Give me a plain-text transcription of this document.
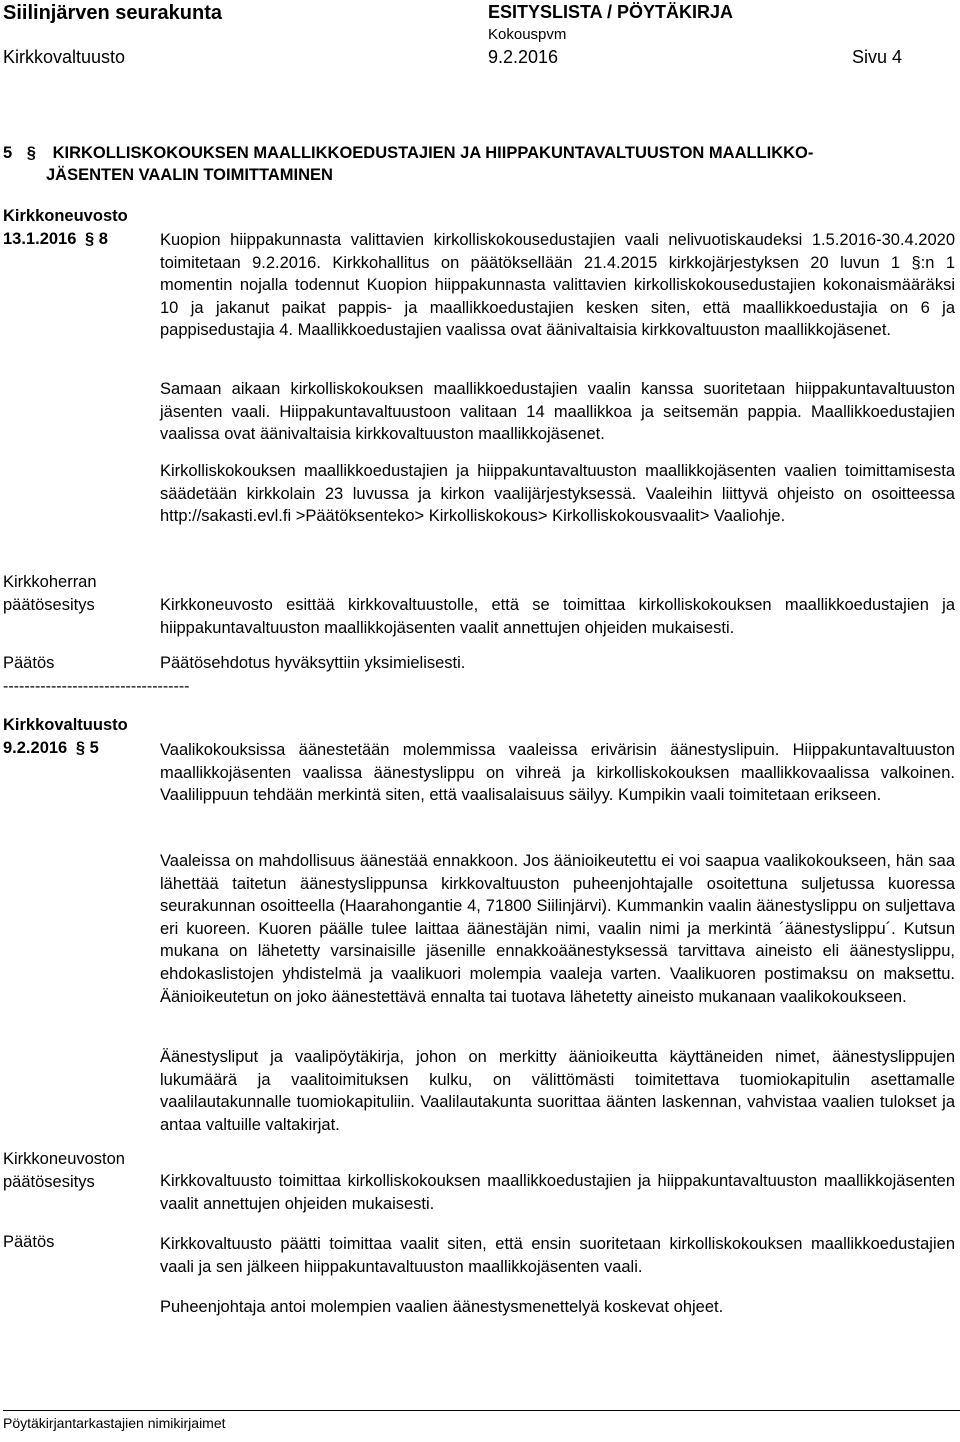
Siilinjärven seurakunta	ESITYSLISTA / PÖYTÄKIRJA
Kokouspvm
Kirkkovaltuusto	9.2.2016	Sivu 4
5 § KIRKOLLISKOKOUKSEN MAALLIKKOEDUSTAJIEN JA HIIPPAKUNTAVALTUUSTON MAALLIKKO-
JÄSENTEN VAALIN TOIMITTAMINEN
Kirkkoneuvosto
13.1.2016 § 8	Kuopion hiippakunnasta valittavien kirkolliskokousedustajien vaali nelivuotiskaudeksi 1.5.2016-30.4.2020 toimitetaan 9.2.2016. Kirkkohallitus on päätöksellään 21.4.2015 kirkkojärjestyksen 20 luvun 1 §:n 1 momentin nojalla todennut Kuopion hiippakunnasta valittavien kirkolliskokousedustajien kokonaismääräksi 10 ja jakanut paikat pappis- ja maallikkoedustajien kesken siten, että maallikkoedustajia on 6 ja pappisedustajia 4. Maallikkoedustajien vaalissa ovat äänivaltaisia kirkkovaltuuston maallikkojäsenet.

Samaan aikaan kirkolliskokouksen maallikkoedustajien vaalin kanssa suoritetaan hiippakuntavaltuuston jäsenten vaali. Hiippakuntavaltuustoon valitaan 14 maallikkoa ja seitsemän pappia. Maallikkoedustajien vaalissa ovat äänivaltaisia kirkkovaltuuston maallikkojäsenet.

Kirkolliskokouksen maallikkoedustajien ja hiippakuntavaltuuston maallikkojäsenten vaalien toimittamisesta säädetään kirkkolain 23 luvussa ja kirkon vaalijärjestyksessä. Vaaleihin liittyvä ohjeisto on osoitteessa http://sakasti.evl.fi >Päätöksenteko> Kirkolliskokous> Kirkolliskokousvaalit> Vaaliohje.

Kirkkoherran
päätösesitys	Kirkkoneuvosto esittää kirkkovaltuustolle, että se toimittaa kirkolliskokouksen maallikkoedustajien ja hiippakuntavaltuuston maallikkojäsenten vaalit annettujen ohjeiden mukaisesti.

Päätös	Päätösehdotus hyväksyttiin yksimielisesti.
-----------------------------------
Kirkkovaltuusto
9.2.2016 § 5	Vaalikokouksissa äänestetään molemmissa vaaleissa erivärisin äänestyslipuin. Hiippakuntavaltuuston maallikkojäsenten vaalissa äänestyslippu on vihreä ja kirkolliskokouksen maallikkovaalissa valkoinen. Vaalilippuun tehdään merkintä siten, että vaalisalaisuus säilyy. Kumpikin vaali toimitetaan erikseen.

Vaaleissa on mahdollisuus äänestää ennakkoon. Jos äänioikeutettu ei voi saapua vaalikokoukseen, hän saa lähettää taitetun äänestyslippunsa kirkkovaltuuston puheenjohtajalle osoitettuna suljetussa kuoressa seurakunnan osoitteella (Haarahongantie 4, 71800 Siilinjärvi). Kummankin vaalin äänestyslippu on suljettava eri kuoreen. Kuoren päälle tulee laittaa äänestäjän nimi, vaalin nimi ja merkintä ´äänestyslippu´. Kutsun mukana on lähetetty varsinaisille jäsenille ennakkoäänestyksessä tarvittava aineisto eli äänestyslippu, ehdokaslistojen yhdistelmä ja vaalikuori molempia vaaleja varten. Vaalikuoren postimaksu on maksettu. Äänioikeutetun on joko äänestettävä ennalta tai tuotava lähetetty aineisto mukanaan vaalikokoukseen.

Äänestysliput ja vaalipöytäkirja, johon on merkitty äänioikeutta käyttäneiden nimet, äänestyslippujen lukumäärä ja vaalitoimituksen kulku, on välittömästi toimitettava tuomiokapitulin asettamalle vaalilautakunnalle tuomiokapituliin. Vaalilautakunta suorittaa äänten laskennan, vahvistaa vaalien tulokset ja antaa valtuille valtakirjat.

Kirkkoneuvoston
päätösesitys	Kirkkovaltuusto toimittaa kirkolliskokouksen maallikkoedustajien ja hiippakuntavaltuuston maallikkojäsenten vaalit annettujen ohjeiden mukaisesti.

Päätös	Kirkkovaltuusto päätti toimittaa vaalit siten, että ensin suoritetaan kirkolliskokouksen maallikkoedustajien vaali ja sen jälkeen hiippakuntavaltuuston maallikkojäsenten vaali.

Puheenjohtaja antoi molempien vaalien äänestysmenettelyä koskevat ohjeet.

Pöytäkirjantarkastajien nimikirjaimet
